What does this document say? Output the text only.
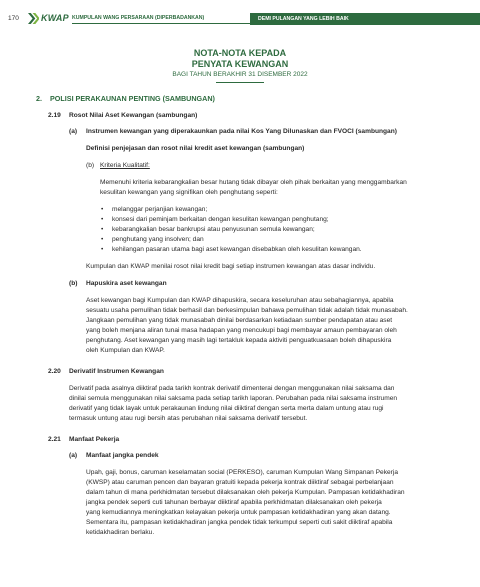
170 KWAP KUMPULAN WANG PERSARAAN (DIPERBADANKAN)	DEMI PULANGAN YANG LEBIH BAIK
NOTA-NOTA KEPADA
PENYATA KEWANGAN
BAGI TAHUN BERAKHIR 31 DISEMBER 2022
2. POLISI PERAKAUNAN PENTING (SAMBUNGAN)
2.19 Rosot Nilai Aset Kewangan (sambungan)
(a) Instrumen kewangan yang diperakaunkan pada nilai Kos Yang Dilunaskan dan FVOCI (sambungan)
Definisi penjejasan dan rosot nilai kredit aset kewangan (sambungan)
(b) Kriteria Kualitatif:
Memenuhi kriteria kebarangkalian besar hutang tidak dibayar oleh pihak berkaitan yang menggambarkan
kesulitan kewangan yang signifikan oleh penghutang seperti:
• melanggar perjanjian kewangan;
• konsesi dari peminjam berkaitan dengan kesulitan kewangan penghutang;
• kebarangkalian besar bankrupsi atau penyusunan semula kewangan;
• penghutang yang insolven; dan
• kehilangan pasaran utama bagi aset kewangan disebabkan oleh kesulitan kewangan.
Kumpulan dan KWAP menilai rosot nilai kredit bagi setiap instrumen kewangan atas dasar individu.
(b) Hapuskira aset kewangan
Aset kewangan bagi Kumpulan dan KWAP dihapuskira, secara keseluruhan atau sebahagiannya, apabila
sesuatu usaha pemulihan tidak berhasil dan berkesimpulan bahawa pemulihan tidak adalah tidak munasabah.
Jangkaan pemulihan yang tidak munasabah dinilai berdasarkan ketiadaan sumber pendapatan atau aset
yang boleh menjana aliran tunai masa hadapan yang mencukupi bagi membayar amaun pembayaran oleh
penghutang. Aset kewangan yang masih lagi tertakluk kepada aktiviti penguatkuasaan boleh dihapuskira
oleh Kumpulan dan KWAP.
2.20 Derivatif Instrumen Kewangan
Derivatif pada asalnya diiktiraf pada tarikh kontrak derivatif dimenterai dengan menggunakan nilai saksama dan
dinilai semula menggunakan nilai saksama pada setiap tarikh laporan. Perubahan pada nilai saksama instrumen
derivatif yang tidak layak untuk perakaunan lindung nilai diiktiraf dengan serta merta dalam untung atau rugi
termasuk untung atau rugi bersih atas perubahan nilai saksama derivatif tersebut.
2.21 Manfaat Pekerja
(a) Manfaat jangka pendek
Upah, gaji, bonus, caruman keselamatan social (PERKESO), caruman Kumpulan Wang Simpanan Pekerja
(KWSP) atau caruman pencen dan bayaran gratuiti kepada pekerja kontrak diiktiraf sebagai perbelanjaan
dalam tahun di mana perkhidmatan tersebut dilaksanakan oleh pekerja Kumpulan. Pampasan ketidakhadiran
jangka pendek seperti cuti tahunan berbayar diiktiraf apabila perkhidmatan dilaksanakan oleh pekerja
yang kemudiannya meningkatkan kelayakan pekerja untuk pampasan ketidakhadiran yang akan datang.
Sementara itu, pampasan ketidakhadiran jangka pendek tidak terkumpul seperti cuti sakit diiktiraf apabila
ketidakhadiran berlaku.
